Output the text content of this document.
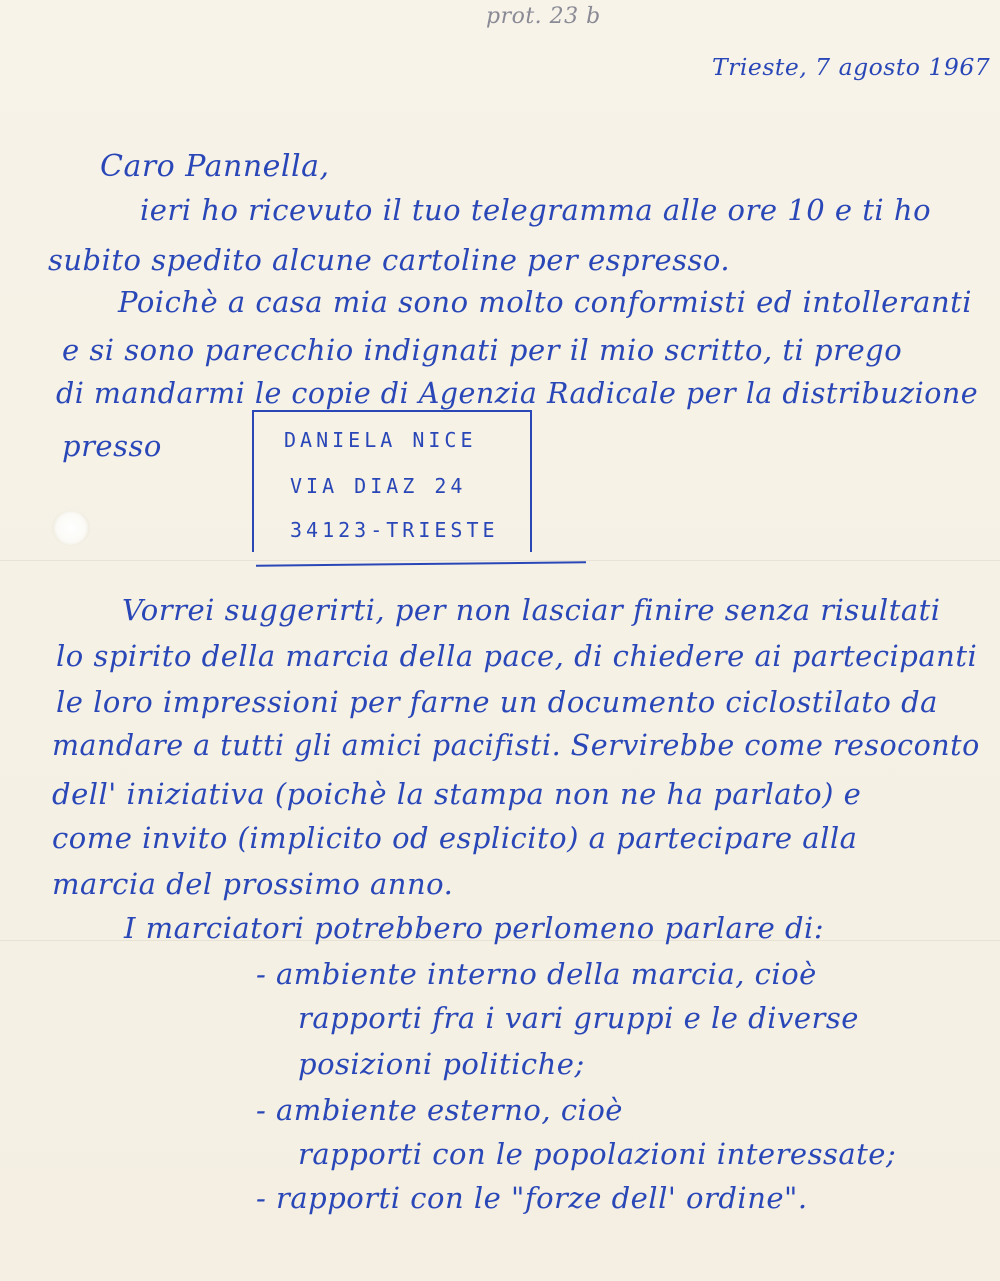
prot. 23 b
Trieste, 7 agosto 1967
Caro Pannella,
ieri ho ricevuto il tuo telegramma alle ore 10 e ti ho
subito spedito alcune cartoline per espresso.
Poichè a casa mia sono molto conformisti ed intolleranti
e si sono parecchio indignati per il mio scritto, ti prego
di mandarmi le copie di Agenzia Radicale per la distribuzione
presso	DANIELA NICE
VIA DIAZ 24
34123-TRIESTE
Vorrei suggerirti, per non lasciar finire senza risultati
lo spirito della marcia della pace, di chiedere ai partecipanti
le loro impressioni per farne un documento ciclostilato da
mandare a tutti gli amici pacifisti. Servirebbe come resoconto
dell' iniziativa (poichè la stampa non ne ha parlato) e
come invito (implicito od esplicito) a partecipare alla
marcia del prossimo anno.
I marciatori potrebbero perlomeno parlare di:
- ambiente interno della marcia, cioè
rapporti fra i vari gruppi e le diverse
posizioni politiche;
- ambiente esterno, cioè
rapporti con le popolazioni interessate;
- rapporti con le "forze dell' ordine".
